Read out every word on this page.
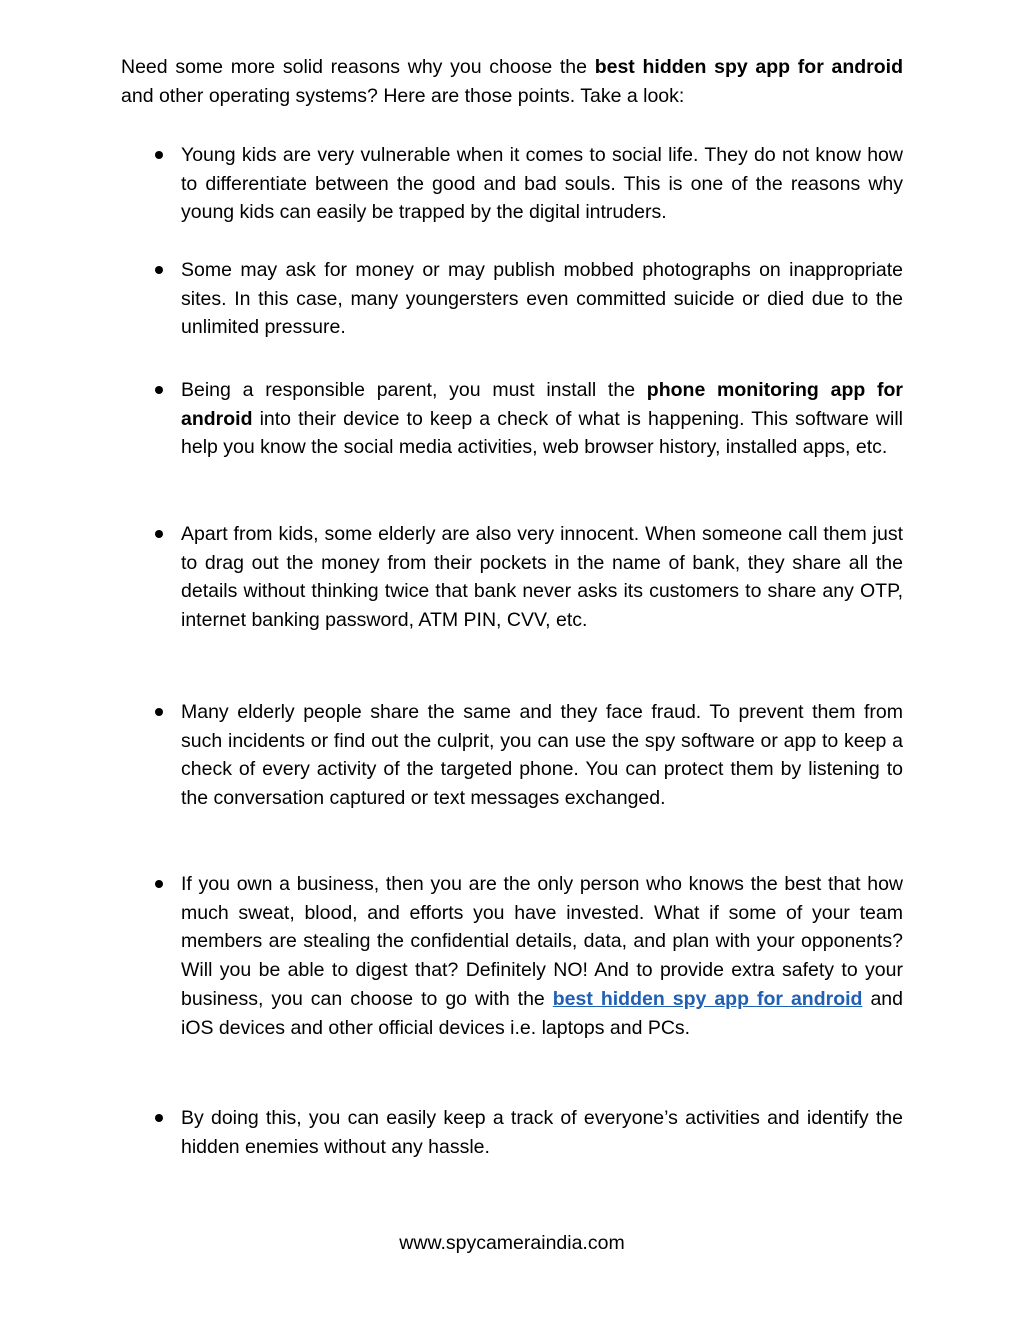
Need some more solid reasons why you choose the best hidden spy app for android and other operating systems? Here are those points. Take a look:

Young kids are very vulnerable when it comes to social life. They do not know how to differentiate between the good and bad souls. This is one of the reasons why young kids can easily be trapped by the digital intruders.
Some may ask for money or may publish mobbed photographs on inappropriate sites. In this case, many youngersters even committed suicide or died due to the unlimited pressure.
Being a responsible parent, you must install the phone monitoring app for android into their device to keep a check of what is happening. This software will help you know the social media activities, web browser history, installed apps, etc.
Apart from kids, some elderly are also very innocent. When someone call them just to drag out the money from their pockets in the name of bank, they share all the details without thinking twice that bank never asks its customers to share any OTP, internet banking password, ATM PIN, CVV, etc.
Many elderly people share the same and they face fraud. To prevent them from such incidents or find out the culprit, you can use the spy software or app to keep a check of every activity of the targeted phone. You can protect them by listening to the conversation captured or text messages exchanged.
If you own a business, then you are the only person who knows the best that how much sweat, blood, and efforts you have invested. What if some of your team members are stealing the confidential details, data, and plan with your opponents? Will you be able to digest that? Definitely NO! And to provide extra safety to your business, you can choose to go with the best hidden spy app for android and iOS devices and other official devices i.e. laptops and PCs.
By doing this, you can easily keep a track of everyone’s activities and identify the hidden enemies without any hassle.
www.spycameraindia.com
